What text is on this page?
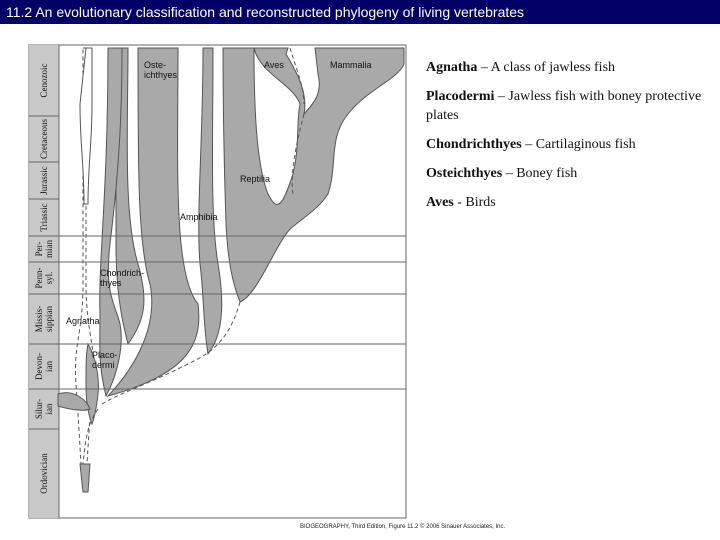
11.2 An evolutionary classification and reconstructed phylogeny of living vertebrates
Cenozoic
Cretaceous
Jurassic
Triassic
Per-mian
Penn-syl.
Missis-sippian
Devon-ian
Silur-ian
Ordovician
Oste-ichthyes
Aves	Mammalia
Reptilia
Amphibia
Chondrich-thyes
Agnatha
Placo-dermi
BIOGEOGRAPHY, Third Edition, Figure 11.2 © 2006 Sinauer Associates, Inc.
Agnatha – A class of jawless fish
Placodermi – Jawless fish with boney protective plates
Chondrichthyes – Cartilaginous fish
Osteichthyes – Boney fish
Aves - Birds
